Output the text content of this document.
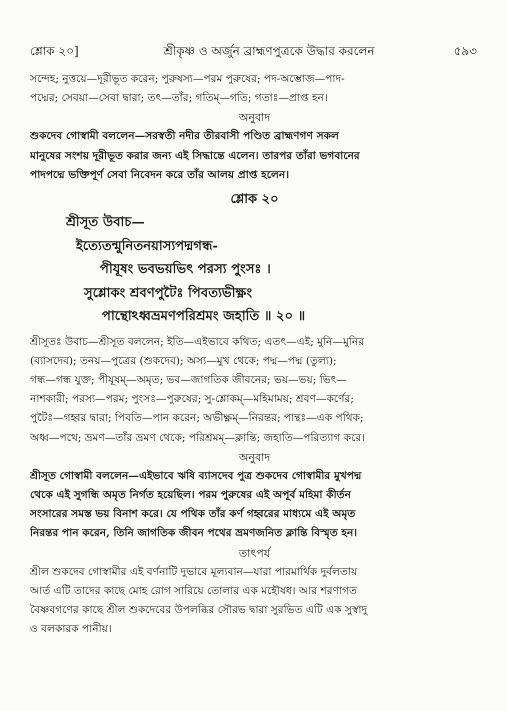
শ্লোক ২০]	শ্রীকৃষ্ণ ও অর্জুন ব্রাহ্মণপুত্রকে উদ্ধার করলেন	৫৯৩

সন্দেহ; নুত্তয়ে—দূরীভূত করেন; পুরুষস্য—পরম পুরুষের; পদ-অম্ভোজ—পাদ-

পদ্মের; সেবয়া—সেবা দ্বারা; তৎ—তাঁর; গতিম্—গতি; গতাঃ—প্রাপ্ত হন।

অনুবাদ

শুকদেব গোস্বামী বললেন—সরস্বতী নদীর তীরবাসী পণ্ডিত ব্রাহ্মণগণ সকল

মানুষের সংশয় দূরীভূত করার জন্য এই সিদ্ধান্তে এলেন। তারপর তাঁরা ভগবানের

পাদপদ্মে ভক্তিপূর্ণ সেবা নিবেদন করে তাঁর আলয় প্রাপ্ত হলেন।

শ্লোক ২০

শ্রীসূত উবাচ—

ইত্যেতন্মুনিতনয়াস্যপদ্মগন্ধ-

পীযূষং ভবভয়ভিৎ পরস্য পুংসঃ ।

সুশ্লোকং শ্রবণপুটৈঃ পিবত্যভীক্ষ্ণং

পান্থোঽধ্বভ্রমণপরিশ্রমং জহাতি ॥ ২০ ॥

শ্রীসূতঃ উবাচ—শ্রীসূত বললেন; ইতি—এইভাবে কথিত; এতৎ—এই; মুনি—মুনির

(ব্যাসদেব); তনয়—পুত্রের (শুকদেব); অস্য—মুখ থেকে; পদ্ম—পদ্ম (তুল্য);

গন্ধ—গন্ধ যুক্ত; পীযূষম্—অমৃত; ভব—জাগতিক জীবনের; ভয়—ভয়; ভিৎ—

নাশকারী; পরস্য—পরম; পুংসঃ—পুরুষের; সু-শ্লোকম্—মহিমাময়; শ্রবণ—কর্ণের;

পুটৈঃ—গহ্বর দ্বারা; পিবতি—পান করেন; অভীক্ষ্ণম্—নিরন্তর; পান্থঃ—এক পথিক;

অধ্ব—পথে; ভ্রমণ—তাঁর ভ্রমণ থেকে; পরিশ্রমম্—ক্লান্তি; জহাতি—পরিত্যাগ করে।

অনুবাদ

শ্রীসূত গোস্বামী বললেন—এইভাবে ঋষি ব্যাসদেব পুত্র শুকদেব গোস্বামীর মুখপদ্ম

থেকে এই সুগন্ধি অমৃত নির্গত হয়েছিল। পরম পুরুষের এই অপূর্ব মহিমা কীর্তন

সংসারের সমস্ত ভয় বিনাশ করে। যে পথিক তাঁর কর্ণ গহ্বরের মাধ্যমে এই অমৃত

নিরন্তর পান করেন, তিনি জাগতিক জীবন পথের ভ্রমণজনিত ক্লান্তি বিস্মৃত হন।

তাৎপর্য

শ্রীল শুকদেব গোস্বামীর এই বর্ণনাটি দুভাবে মূল্যবান—যারা পারমার্থিক দুর্বলতায়

আর্ত এটি তাদের কাছে মোহ রোগ সারিয়ে তোলার এক মহৌষধ। আর শরণাগত

বৈষ্ণবগণের কাছে শ্রীল শুকদেবের উপলব্ধির সৌরভ দ্বারা সুরভিত এটি এক সুস্বাদু

ও বলকারক পানীয়।
